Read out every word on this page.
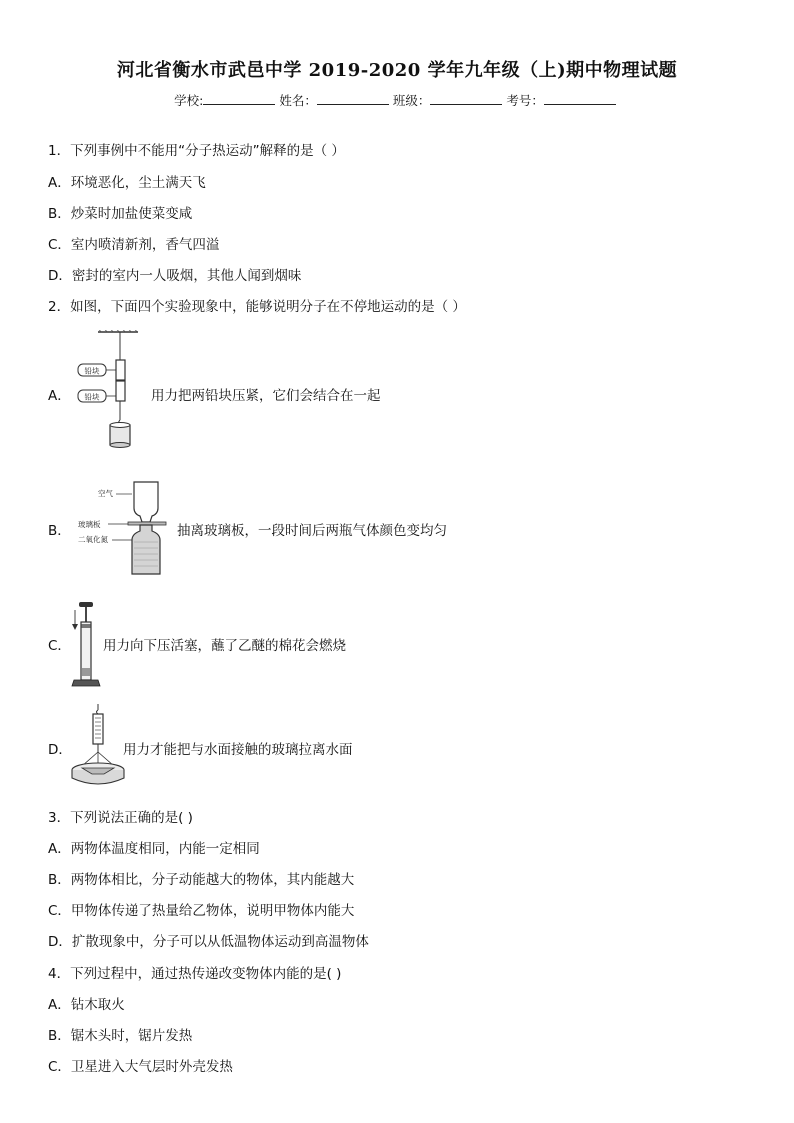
河北省衡水市武邑中学 2019-2020 学年九年级（上)期中物理试题
学校:	姓名：	班级：	考号：
1．下列事例中不能用“分子热运动”解释的是（ ）
A．环境恶化，尘土满天飞
B．炒菜时加盐使菜变咸
C．室内喷清新剂，香气四溢
D．密封的室内一人吸烟，其他人闻到烟味
2．如图，下面四个实验现象中，能够说明分子在不停地运动的是（ ）
A．
铅块
铅块	用力把两铅块压紧，它们会结合在一起
B．
空气
玻璃板
二氧化氮
抽离玻璃板，一段时间后两瓶气体颜色变均匀
C． 用力向下压活塞，蘸了乙醚的棉花会燃烧
D．	用力才能把与水面接触的玻璃拉离水面
3．下列说法正确的是( )
A．两物体温度相同，内能一定相同
B．两物体相比，分子动能越大的物体，其内能越大
C．甲物体传递了热量给乙物体，说明甲物体内能大
D．扩散现象中，分子可以从低温物体运动到高温物体
4．下列过程中，通过热传递改变物体内能的是( )
A．钻木取火
B．锯木头时，锯片发热
C．卫星进入大气层时外壳发热
